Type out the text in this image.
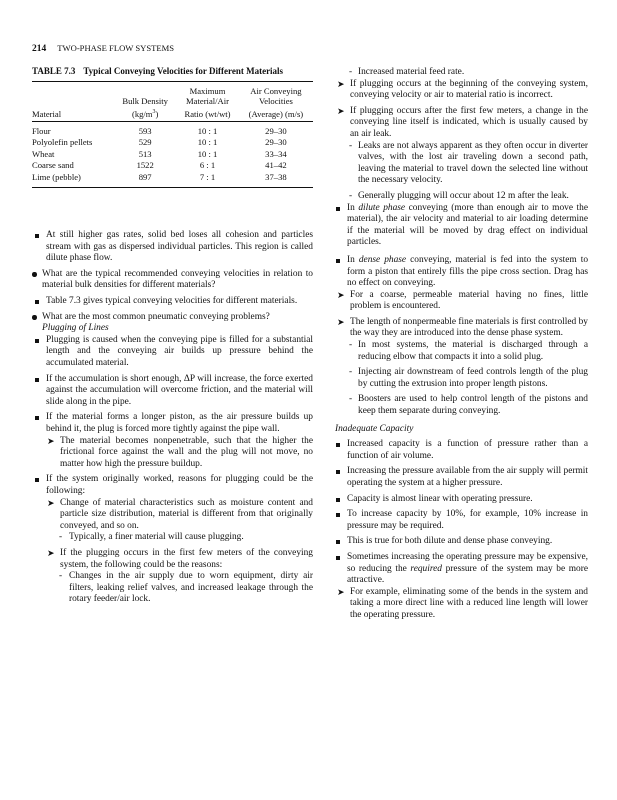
214 TWO-PHASE FLOW SYSTEMS
TABLE 7.3 Typical Conveying Velocities for Different Materials
		Maximum	Air Conveying
	Bulk Density	Material/Air	Velocities
Material	$(kg/m^3)$	Ratio (wt/wt)	(Average) (m/s)
Flour	593	10 : 1	29–30
Polyolefin pellets	529	10 : 1	29–30
Wheat	513	10 : 1	33–34
Coarse sand	1522	6 : 1	41–42
Lime (pebble)	897	7 : 1	37–38
At still higher gas rates, solid bed loses all cohesion and particles stream with gas as dispersed individual particles. This region is called dilute phase flow.
What are the typical recommended conveying velocities in relation to material bulk densities for different materials?
Table 7.3 gives typical conveying velocities for different materials.
What are the most common pneumatic conveying problems?
Plugging of Lines
Plugging is caused when the conveying pipe is filled for a substantial length and the conveying air builds up pressure behind the accumulated material.
If the accumulation is short enough, ΔP will increase, the force exerted against the accumulation will overcome friction, and the material will slide along in the pipe.
If the material forms a longer piston, as the air pressure builds up behind it, the plug is forced more tightly against the pipe wall.
➤ The material becomes nonpenetrable, such that the higher the frictional force against the wall and the plug will not move, no matter how high the pressure buildup.
If the system originally worked, reasons for plugging could be the following:
➤ Change of material characteristics such as moisture content and particle size distribution, material is different from that originally conveyed, and so on.
- Typically, a finer material will cause plugging.
➤ If the plugging occurs in the first few meters of the conveying system, the following could be the reasons:
- Changes in the air supply due to worn equipment, dirty air filters, leaking relief valves, and increased leakage through the rotary feeder/air lock.
- Increased material feed rate.
➤ If plugging occurs at the beginning of the conveying system, conveying velocity or air to material ratio is incorrect.
➤ If plugging occurs after the first few meters, a change in the conveying line itself is indicated, which is usually caused by an air leak.
- Leaks are not always apparent as they often occur in diverter valves, with the lost air traveling down a second path, leaving the material to travel down the selected line without the necessary velocity.
- Generally plugging will occur about 12 m after the leak.
In dilute phase conveying (more than enough air to move the material), the air velocity and material to air loading determine if the material will be moved by drag effect on individual particles.
In dense phase conveying, material is fed into the system to form a piston that entirely fills the pipe cross section. Drag has no effect on conveying.
➤ For a coarse, permeable material having no fines, little problem is encountered.
➤ The length of nonpermeable fine materials is first controlled by the way they are introduced into the dense phase system.
- In most systems, the material is discharged through a reducing elbow that compacts it into a solid plug.
- Injecting air downstream of feed controls length of the plug by cutting the extrusion into proper length pistons.
- Boosters are used to help control length of the pistons and keep them separate during conveying.
Inadequate Capacity
Increased capacity is a function of pressure rather than a function of air volume.
Increasing the pressure available from the air supply will permit operating the system at a higher pressure.
Capacity is almost linear with operating pressure.
To increase capacity by 10%, for example, 10% increase in pressure may be required.
This is true for both dilute and dense phase conveying.
Sometimes increasing the operating pressure may be expensive, so reducing the required pressure of the system may be more attractive.
➤ For example, eliminating some of the bends in the system and taking a more direct line with a reduced line length will lower the operating pressure.
